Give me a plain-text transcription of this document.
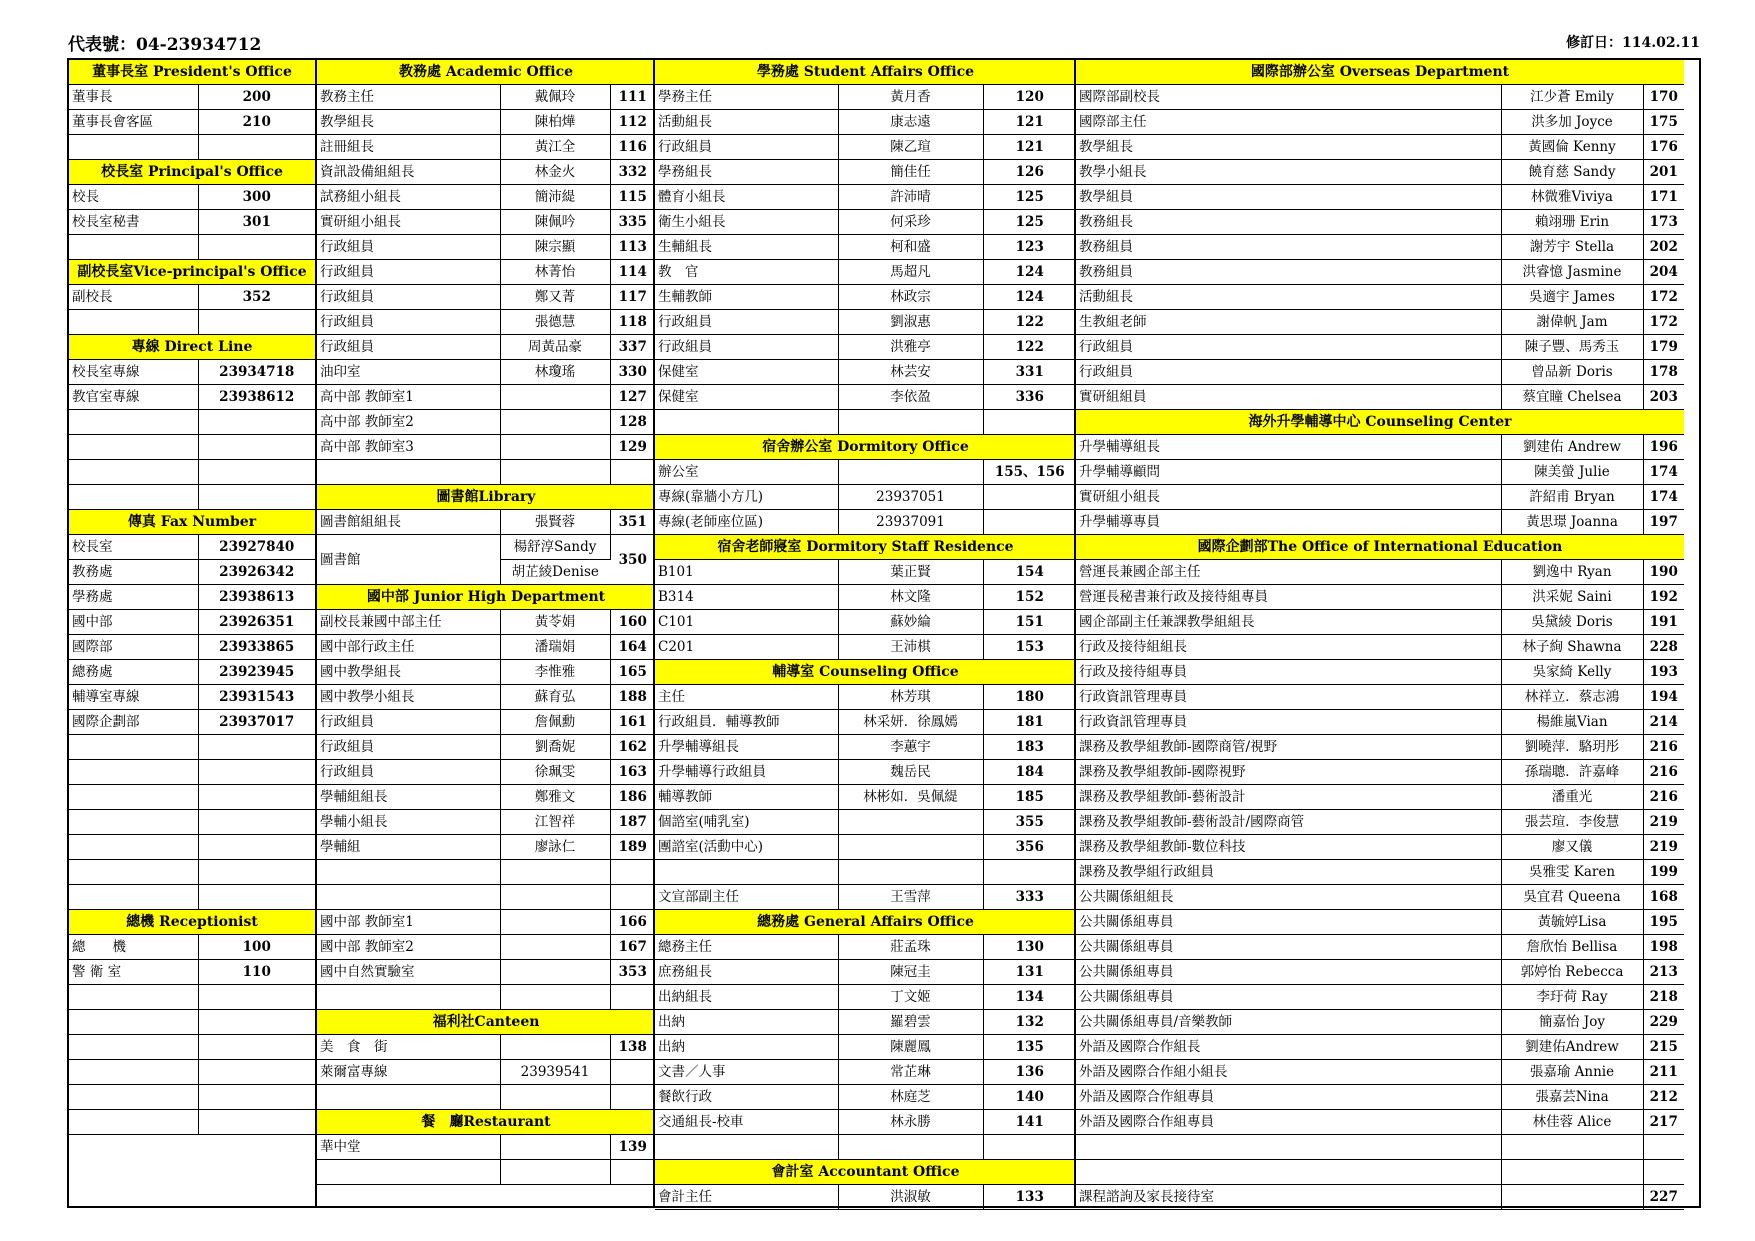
代表號：04-23934712	修訂日：114.02.11
董事長室 President's Office	
董事長	200
董事長會客區	210

校長室 Principal's Office	
校長	300
校長室秘書	301

副校長室Vice-principal's Office	
副校長	352

專線 Direct Line	
校長室專線	23934718
教官室專線	23938612

傳真 Fax Number	
校長室	23927840
教務處	23926342
學務處	23938613
國中部	23926351
國際部	23933865
總務處	23923945
輔導室專線	23931543
國際企劃部	23937017

總機 Receptionist	
總　　機	100
警 衛 室	110

教務處 Academic Office		
教務主任	戴佩玲	111
教學組長	陳柏燁	112
註冊組長	黃江全	116
資訊設備組組長	林金火	332
試務組小組長	簡沛緹	115
實研組小組長	陳佩吟	335
行政組員	陳宗顯	113
行政組員	林菁怡	114
行政組員	鄭又菁	117
行政組員	張德慧	118
行政組員	周黃品豪	337
油印室	林瓊瑤	330
高中部 教師室1		127
高中部 教師室2		128
高中部 教師室3		129

圖書館Library		
圖書館組組長	張賢蓉	351
圖書館	楊舒淳Sandy	350
	胡芷綾Denise	
國中部 Junior High Department		
副校長兼國中部主任	黃苓娟	160
國中部行政主任	潘瑞娟	164
國中教學組長	李惟雅	165
國中教學小組長	蘇育弘	188
行政組員	詹佩勳	161
行政組員	劉喬妮	162
行政組員	徐珮雯	163
學輔組組長	鄭雅文	186
學輔小組長	江智祥	187
學輔組	廖詠仁	189

國中部 教師室1		166
國中部 教師室2		167
國中自然實驗室		353

福利社Canteen		
美　食　街		138
萊爾富專線	23939541	

餐　廳Restaurant		
華中堂		139

學務處 Student Affairs Office		
學務主任	黃月香	120
活動組長	康志遠	121
行政組員	陳乙瑄	121
學務組長	簡佳任	126
體育小組長	許沛晴	125
衛生小組長	何采珍	125
生輔組長	柯和盛	123
教　官	馬超凡	124
生輔教師	林政宗	124
行政組員	劉淑惠	122
行政組員	洪雅亭	122
保健室	林芸安	331
保健室	李依盈	336

宿舍辦公室 Dormitory Office		
辦公室		155、156
專線(靠牆小方几)	23937051	
專線(老師座位區)	23937091	
宿舍老師寢室 Dormitory Staff Residence		
B101	葉正賢	154
B314	林文隆	152
C101	蘇妙綸	151
C201	王沛棋	153
輔導室 Counseling Office		
主任	林芳琪	180
行政組員．輔導教師	林采妍．徐鳳嫣	181
升學輔導組長	李蕙宇	183
升學輔導行政組員	魏岳民	184
輔導教師	林彬如．吳佩緹	185
個諮室(哺乳室)		355
團諮室(活動中心)		356

文宣部副主任	王雪萍	333
總務處 General Affairs Office		
總務主任	莊孟珠	130
庶務組長	陳冠圭	131
出納組長	丁文姬	134
出納	羅碧雲	132
出納	陳麗鳳	135
文書／人事	常芷琳	136
餐飲行政	林庭芝	140
交通組長-校車	林永勝	141

會計室 Accountant Office		
會計主任	洪淑敏	133
國際部辦公室 Overseas Department		
國際部副校長	江少蒼 Emily	170
國際部主任	洪多加 Joyce	175
教學組長	黃國倫 Kenny	176
教學小組長	饒育慈 Sandy	201
教學組員	林微雅Viviya	171
教務組長	賴翊珊 Erin	173
教務組員	謝芳宇 Stella	202
教務組員	洪睿憶 Jasmine	204
活動組長	吳適宇 James	172
生教組老師	謝偉帆 Jam	172
行政組員	陳子豐、馬秀玉	179
行政組員	曾品新 Doris	178
實研組組員	蔡宜瞳 Chelsea	203
海外升學輔導中心 Counseling Center		
升學輔導組長	劉建佑 Andrew	196
升學輔導顧問	陳美螢 Julie	174
實研組小組長	許紹甫 Bryan	174
升學輔導專員	黃思璟 Joanna	197
國際企劃部The Office of International Education		
營運長兼國企部主任	劉逸中 Ryan	190
營運長秘書兼行政及接待組專員	洪采妮 Saini	192
國企部副主任兼課教學組組長	吳黛綾 Doris	191
行政及接待組組長	林子絢 Shawna	228
行政及接待組專員	吳家綺 Kelly	193
行政資訊管理專員	林祥立．蔡志鴻	194
行政資訊管理專員	楊維嵐Vian	214
課務及教學組教師-國際商管/視野	劉曉萍．駱玥彤	216
課務及教學組教師-國際視野	孫瑞聰．許嘉峰	216
課務及教學組教師-藝術設計	潘重光	216
課務及教學組教師-藝術設計/國際商管	張芸瑄．李俊慧	219
課務及教學組教師-數位科技	廖又儀	219
課務及教學組行政組員	吳雅雯 Karen	199
公共關係組組長	吳宜君 Queena	168
公共關係組專員	黃毓婷Lisa	195
公共關係組專員	詹欣怡 Bellisa	198
公共關係組專員	郭婷怡 Rebecca	213
公共關係組專員	李玗荷 Ray	218
公共關係組專員/音樂教師	簡嘉怡 Joy	229
外語及國際合作組長	劉建佑Andrew	215
外語及國際合作組小組長	張嘉瑜 Annie	211
外語及國際合作組專員	張嘉芸Nina	212
外語及國際合作組專員	林佳蓉 Alice	217

課程諮詢及家長接待室		227
